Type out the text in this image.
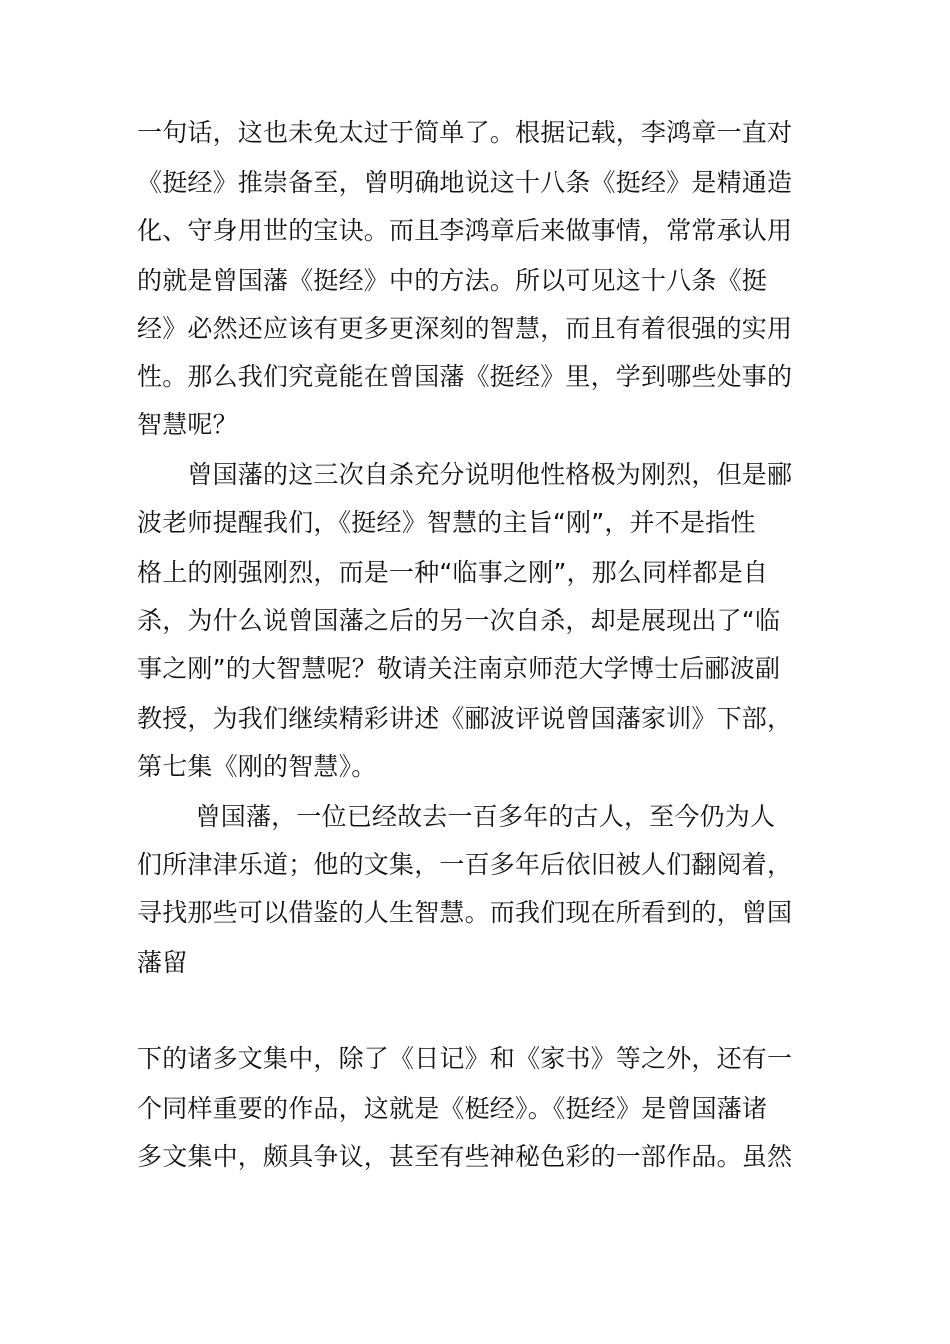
一句话，这也未免太过于简单了。根据记载，李鸿章一直对
《挺经》推崇备至，曾明确地说这十八条《挺经》是精通造
化、守身用世的宝诀。而且李鸿章后来做事情，常常承认用
的就是曾国藩《挺经》中的方法。所以可见这十八条《挺
经》必然还应该有更多更深刻的智慧，而且有着很强的实用
性。那么我们究竟能在曾国藩《挺经》里，学到哪些处事的
智慧呢？
　　曾国藩的这三次自杀充分说明他性格极为刚烈，但是郦
波老师提醒我们，《挺经》智慧的主旨“刚”，并不是指性
格上的刚强刚烈，而是一种“临事之刚”，那么同样都是自
杀，为什么说曾国藩之后的另一次自杀，却是展现出了“临
事之刚”的大智慧呢？敬请关注南京师范大学博士后郦波副
教授，为我们继续精彩讲述《郦波评说曾国藩家训》下部，
第七集《刚的智慧》。
　　 曾国藩，一位已经故去一百多年的古人，至今仍为人
们所津津乐道；他的文集，一百多年后依旧被人们翻阅着，
寻找那些可以借鉴的人生智慧。而我们现在所看到的，曾国
藩留
下的诸多文集中，除了《日记》和《家书》等之外，还有一
个同样重要的作品，这就是《梃经》。《挺经》是曾国藩诸
多文集中，颇具争议，甚至有些神秘色彩的一部作品。虽然
